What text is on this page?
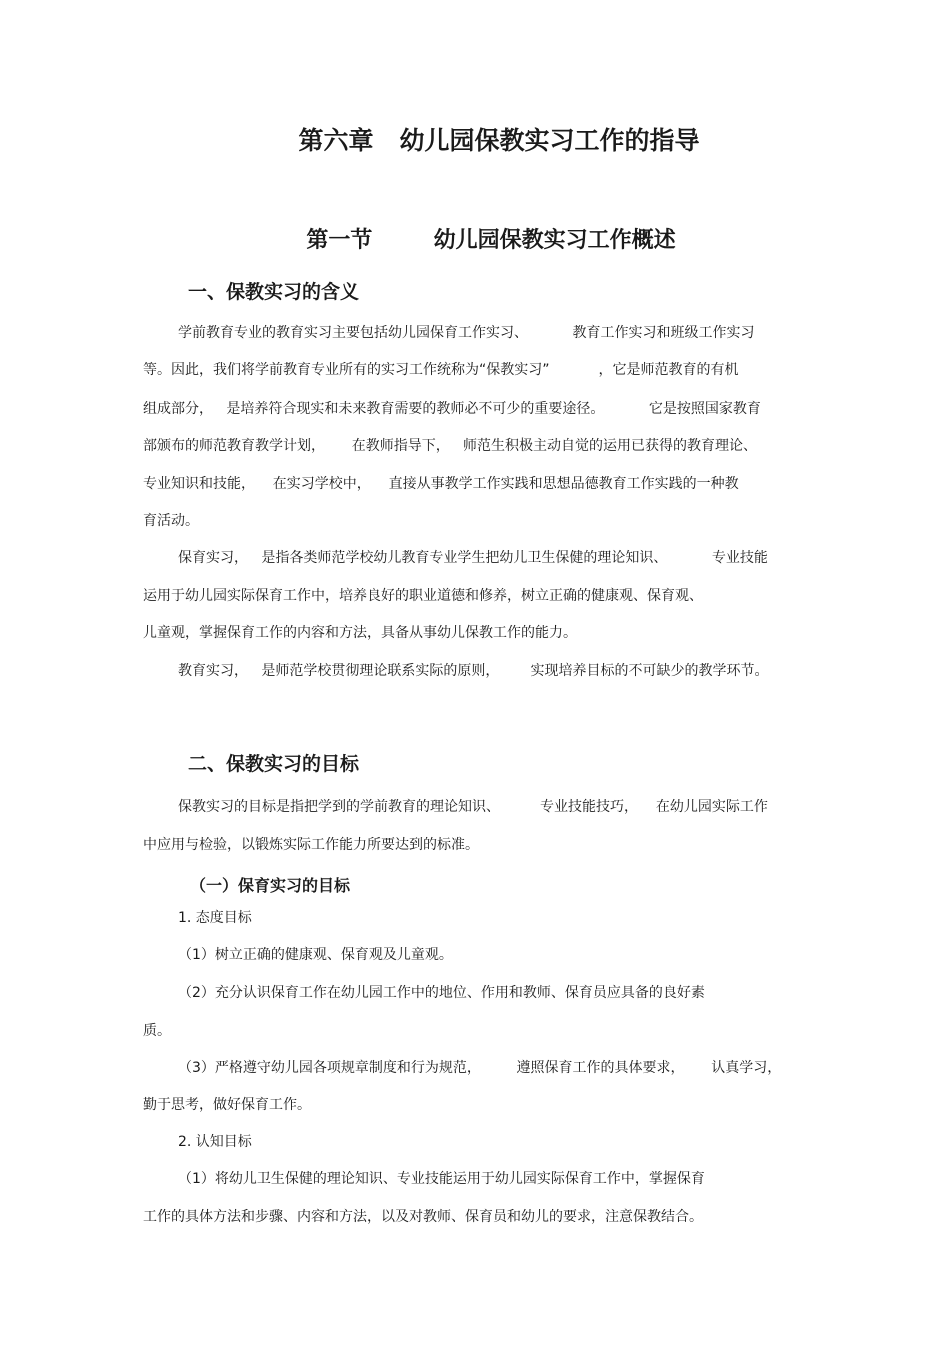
第六章   幼儿园保教实习工作的指导
第一节        幼儿园保教实习工作概述
一、保教实习的含义

学前教育专业的教育实习主要包括幼儿园保育工作实习、          教育工作实习和班级工作实习

等。因此，我们将学前教育专业所有的实习工作统称为“保教实习”           ，它是师范教育的有机

组成部分，   是培养符合现实和未来教育需要的教师必不可少的重要途径。          它是按照国家教育

部颁布的师范教育教学计划，      在教师指导下，   师范生积极主动自觉的运用已获得的教育理论、

专业知识和技能，    在实习学校中，    直接从事教学工作实践和思想品德教育工作实践的一种教

育活动。

保育实习，   是指各类师范学校幼儿教育专业学生把幼儿卫生保健的理论知识、          专业技能

运用于幼儿园实际保育工作中，培养良好的职业道德和修养，树立正确的健康观、保育观、

儿童观，掌握保育工作的内容和方法，具备从事幼儿保教工作的能力。

教育实习，   是师范学校贯彻理论联系实际的原则，       实现培养目标的不可缺少的教学环节。

二、保教实习的目标

保教实习的目标是指把学到的学前教育的理论知识、         专业技能技巧，    在幼儿园实际工作

中应用与检验，以锻炼实际工作能力所要达到的标准。

（一）保育实习的目标

1. 态度目标

（1）树立正确的健康观、保育观及儿童观。

（2）充分认识保育工作在幼儿园工作中的地位、作用和教师、保育员应具备的良好素

质。

（3）严格遵守幼儿园各项规章制度和行为规范，        遵照保育工作的具体要求，      认真学习，

勤于思考，做好保育工作。

2. 认知目标

（1）将幼儿卫生保健的理论知识、专业技能运用于幼儿园实际保育工作中，掌握保育

工作的具体方法和步骤、内容和方法，以及对教师、保育员和幼儿的要求，注意保教结合。
